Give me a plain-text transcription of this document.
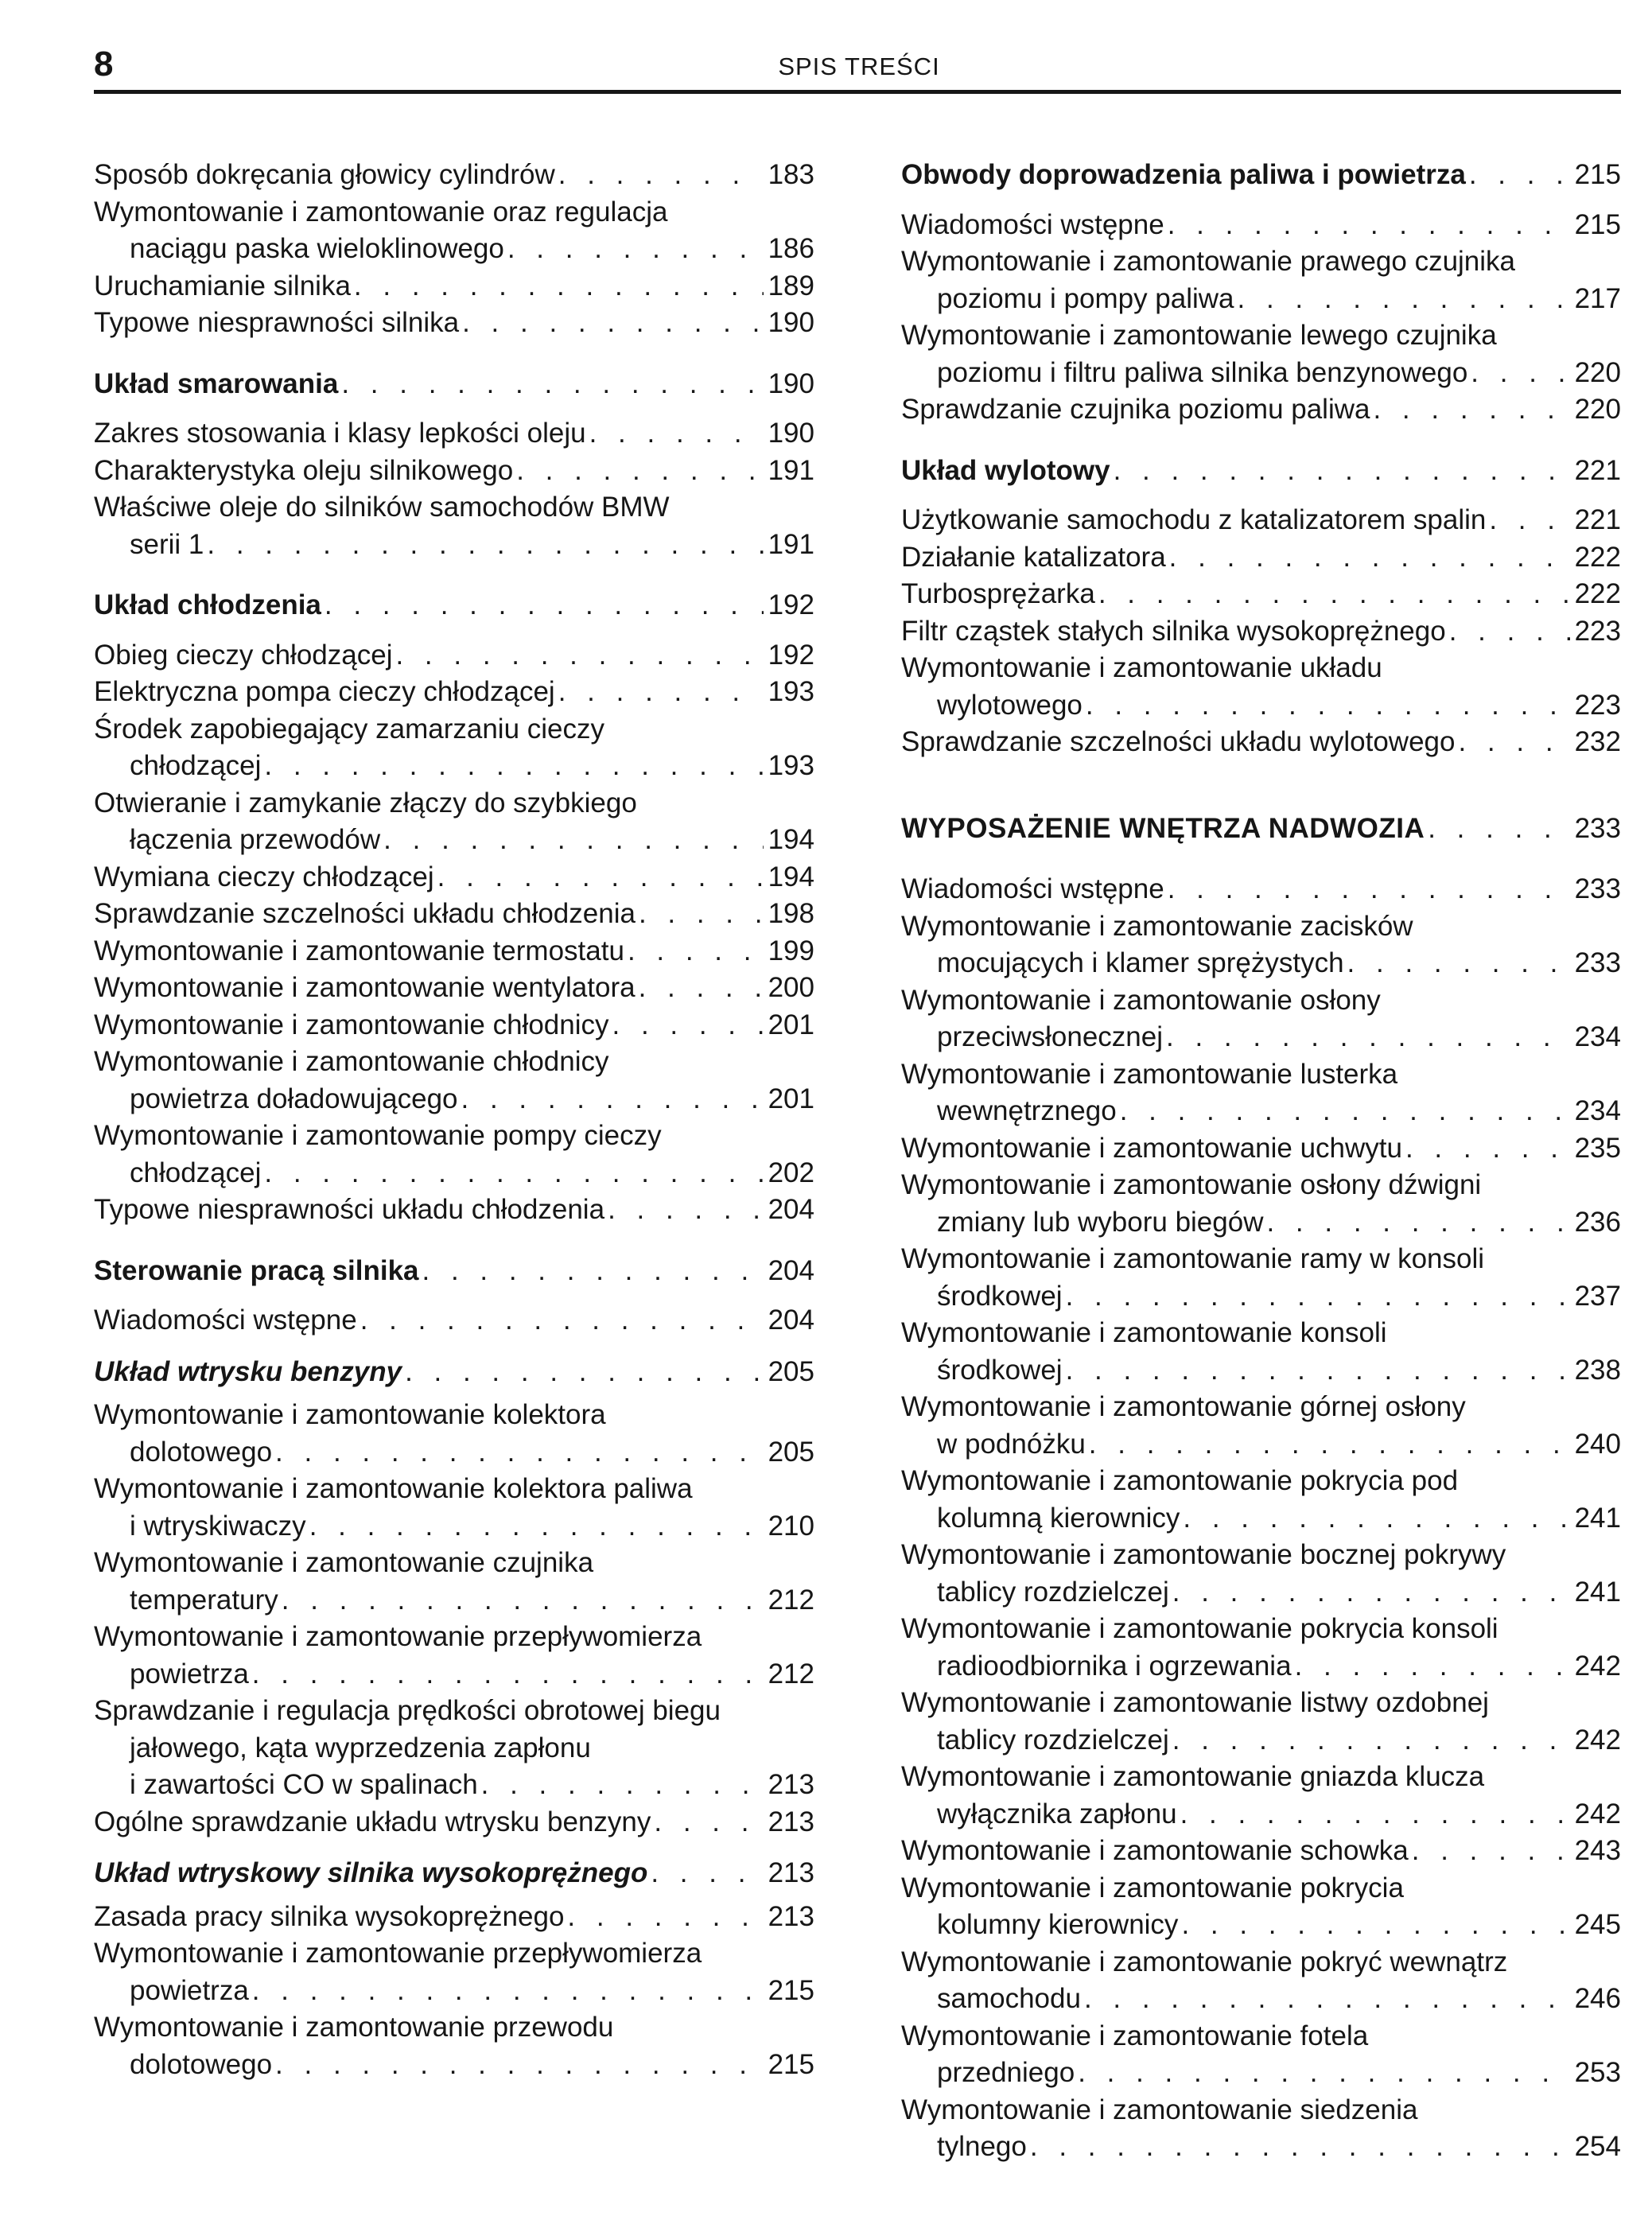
8	SPIS TREŚCI
Sposób dokręcania głowicy cylindrów . . .	183
Wymontowanie i zamontowanie oraz regulacja
naciągu paska wieloklinowego . . .	186
Uruchamianie silnika . . .	189
Typowe niesprawności silnika . . .	190
Układ smarowania . . .	190
Zakres stosowania i klasy lepkości oleju . . .	190
Charakterystyka oleju silnikowego . . .	191
Właściwe oleje do silników samochodów BMW
serii 1 . . .	191
Układ chłodzenia . . .	192
Obieg cieczy chłodzącej . . .	192
Elektryczna pompa cieczy chłodzącej . . .	193
Środek zapobiegający zamarzaniu cieczy
chłodzącej . . .	193
Otwieranie i zamykanie złączy do szybkiego
łączenia przewodów . . .	194
Wymiana cieczy chłodzącej . . .	194
Sprawdzanie szczelności układu chłodzenia . . .	198
Wymontowanie i zamontowanie termostatu . . .	199
Wymontowanie i zamontowanie wentylatora . . .	200
Wymontowanie i zamontowanie chłodnicy . . .	201
Wymontowanie i zamontowanie chłodnicy
powietrza doładowującego . . .	201
Wymontowanie i zamontowanie pompy cieczy
chłodzącej . . .	202
Typowe niesprawności układu chłodzenia . . .	204
Sterowanie pracą silnika . . .	204
Wiadomości wstępne . . .	204
Układ wtrysku benzyny . . .	205
Wymontowanie i zamontowanie kolektora
dolotowego . . .	205
Wymontowanie i zamontowanie kolektora paliwa
i wtryskiwaczy . . .	210
Wymontowanie i zamontowanie czujnika
temperatury . . .	212
Wymontowanie i zamontowanie przepływomierza
powietrza . . .	212
Sprawdzanie i regulacja prędkości obrotowej biegu
jałowego, kąta wyprzedzenia zapłonu
i zawartości CO w spalinach . . .	213
Ogólne sprawdzanie układu wtrysku benzyny . . .	213
Układ wtryskowy silnika wysokoprężnego . . .	213
Zasada pracy silnika wysokoprężnego . . .	213
Wymontowanie i zamontowanie przepływomierza
powietrza . . .	215
Wymontowanie i zamontowanie przewodu
dolotowego . . .	215
Obwody doprowadzenia paliwa i powietrza . . .	215
Wiadomości wstępne . . .	215
Wymontowanie i zamontowanie prawego czujnika
poziomu i pompy paliwa . . .	217
Wymontowanie i zamontowanie lewego czujnika
poziomu i filtru paliwa silnika benzynowego . . .	220
Sprawdzanie czujnika poziomu paliwa . . .	220
Układ wylotowy . . .	221
Użytkowanie samochodu z katalizatorem spalin . . .	221
Działanie katalizatora . . .	222
Turbosprężarka . . .	222
Filtr cząstek stałych silnika wysokoprężnego . . .	223
Wymontowanie i zamontowanie układu
wylotowego . . .	223
Sprawdzanie szczelności układu wylotowego . . .	232
WYPOSAŻENIE WNĘTRZA NADWOZIA . . .	233
Wiadomości wstępne . . .	233
Wymontowanie i zamontowanie zacisków
mocujących i klamer sprężystych . . .	233
Wymontowanie i zamontowanie osłony
przeciwsłonecznej . . .	234
Wymontowanie i zamontowanie lusterka
wewnętrznego . . .	234
Wymontowanie i zamontowanie uchwytu . . .	235
Wymontowanie i zamontowanie osłony dźwigni
zmiany lub wyboru biegów . . .	236
Wymontowanie i zamontowanie ramy w konsoli
środkowej . . .	237
Wymontowanie i zamontowanie konsoli
środkowej . . .	238
Wymontowanie i zamontowanie górnej osłony
w podnóżku . . .	240
Wymontowanie i zamontowanie pokrycia pod
kolumną kierownicy . . .	241
Wymontowanie i zamontowanie bocznej pokrywy
tablicy rozdzielczej . . .	241
Wymontowanie i zamontowanie pokrycia konsoli
radioodbiornika i ogrzewania . . .	242
Wymontowanie i zamontowanie listwy ozdobnej
tablicy rozdzielczej . . .	242
Wymontowanie i zamontowanie gniazda klucza
wyłącznika zapłonu . . .	242
Wymontowanie i zamontowanie schowka . . .	243
Wymontowanie i zamontowanie pokrycia
kolumny kierownicy . . .	245
Wymontowanie i zamontowanie pokryć wewnątrz
samochodu . . .	246
Wymontowanie i zamontowanie fotela
przedniego . . .	253
Wymontowanie i zamontowanie siedzenia
tylnego . . .	254
